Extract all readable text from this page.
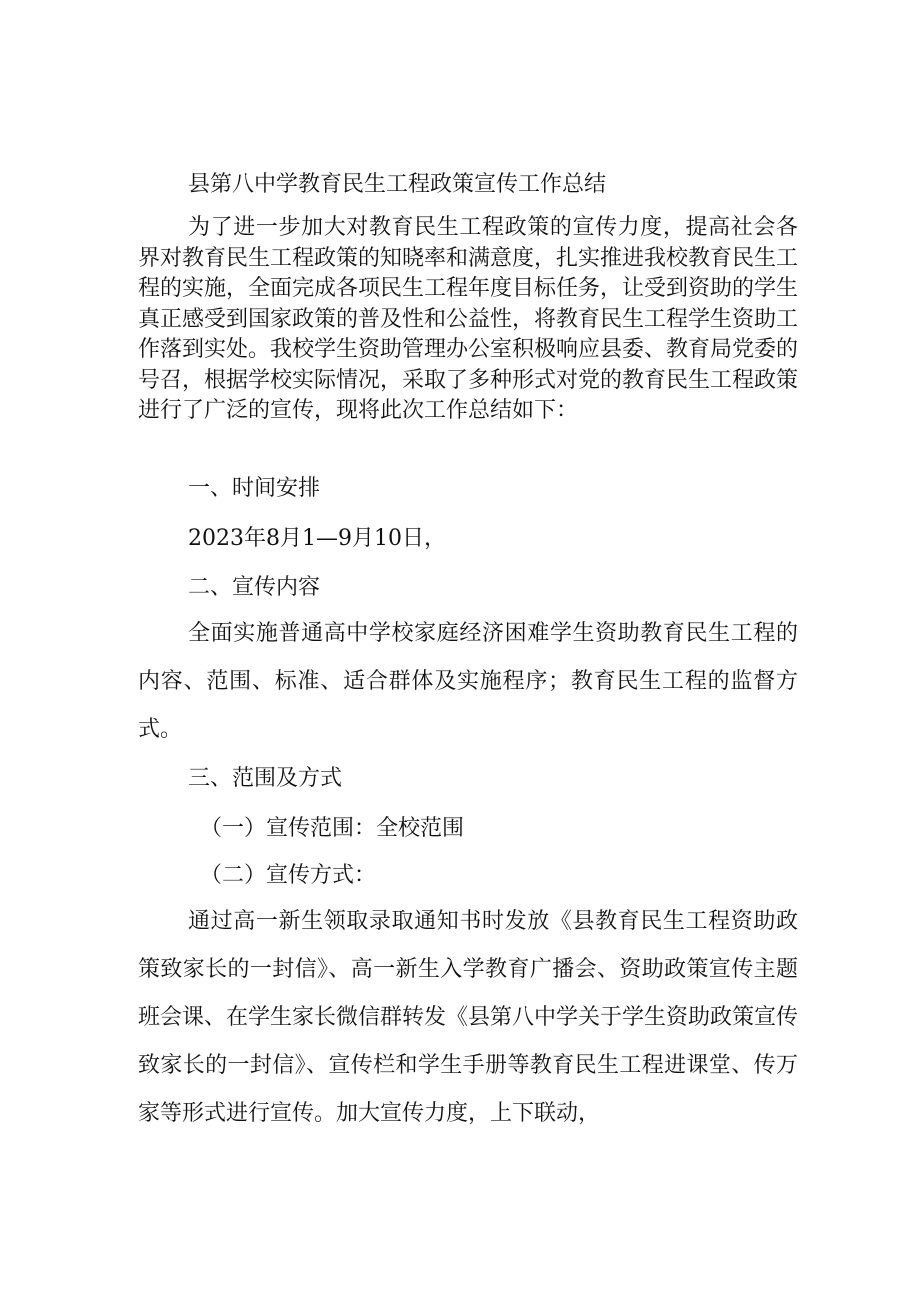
县第八中学教育民生工程政策宣传工作总结

为了进一步加大对教育民生工程政策的宣传力度，提高社会各界对教育民生工程政策的知晓率和满意度，扎实推进我校教育民生工程的实施，全面完成各项民生工程年度目标任务，让受到资助的学生真正感受到国家政策的普及性和公益性，将教育民生工程学生资助工作落到实处。我校学生资助管理办公室积极响应县委、教育局党委的号召，根据学校实际情况，采取了多种形式对党的教育民生工程政策进行了广泛的宣传，现将此次工作总结如下：

一、时间安排
2023年8月1—9月10日，
二、宣传内容

全面实施普通高中学校家庭经济困难学生资助教育民生工程的内容、范围、标准、适合群体及实施程序；教育民生工程的监督方式。

三、范围及方式
（一）宣传范围：全校范围
（二）宣传方式：

通过高一新生领取录取通知书时发放《县教育民生工程资助政策致家长的一封信》、高一新生入学教育广播会、资助政策宣传主题班会课、在学生家长微信群转发《县第八中学关于学生资助政策宣传致家长的一封信》、宣传栏和学生手册等教育民生工程进课堂、传万家等形式进行宣传。加大宣传力度，上下联动，
